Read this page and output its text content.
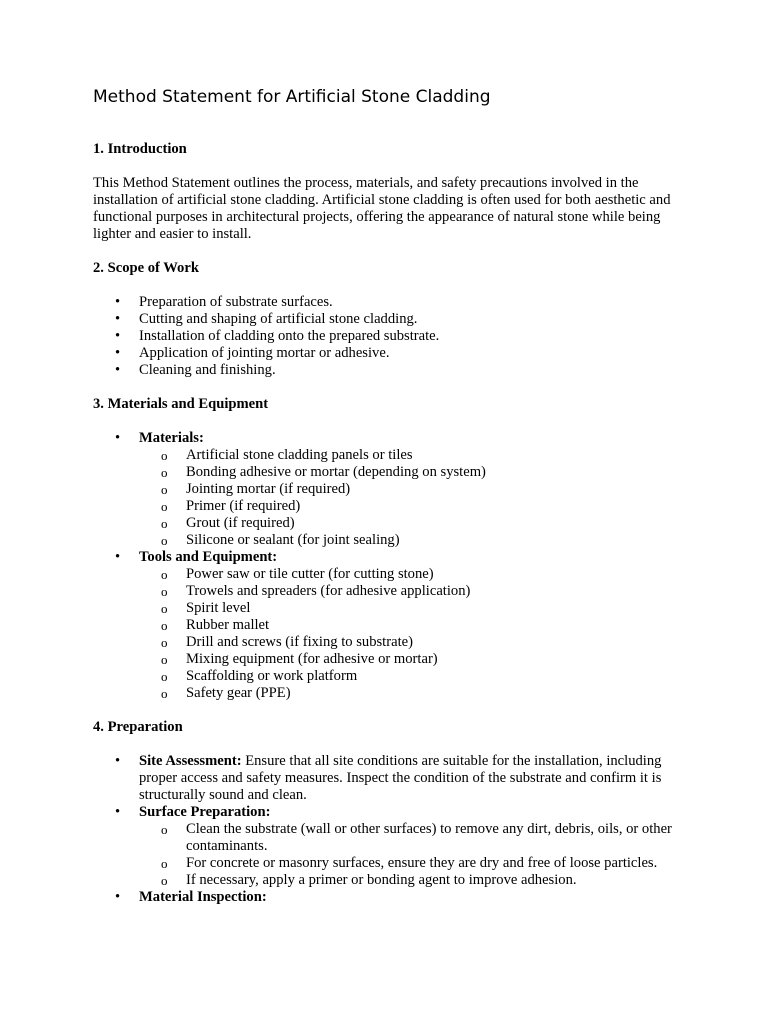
Method Statement for Artificial Stone Cladding
1. Introduction

This Method Statement outlines the process, materials, and safety precautions involved in the installation of artificial stone cladding. Artificial stone cladding is often used for both aesthetic and functional purposes in architectural projects, offering the appearance of natural stone while being lighter and easier to install.

2. Scope of Work
• Preparation of substrate surfaces.
• Cutting and shaping of artificial stone cladding.
• Installation of cladding onto the prepared substrate.
• Application of jointing mortar or adhesive.
• Cleaning and finishing.
3. Materials and Equipment
• Materials:
o Artificial stone cladding panels or tiles
o Bonding adhesive or mortar (depending on system)
o Jointing mortar (if required)
o Primer (if required)
o Grout (if required)
o Silicone or sealant (for joint sealing)
• Tools and Equipment:
o Power saw or tile cutter (for cutting stone)
o Trowels and spreaders (for adhesive application)
o Spirit level
o Rubber mallet
o Drill and screws (if fixing to substrate)
o Mixing equipment (for adhesive or mortar)
o Scaffolding or work platform
o Safety gear (PPE)
4. Preparation
• Site Assessment: Ensure that all site conditions are suitable for the installation, including proper access and safety measures. Inspect the condition of the substrate and confirm it is structurally sound and clean.
• Surface Preparation:
o Clean the substrate (wall or other surfaces) to remove any dirt, debris, oils, or other contaminants.
o For concrete or masonry surfaces, ensure they are dry and free of loose particles.
o If necessary, apply a primer or bonding agent to improve adhesion.
• Material Inspection:
